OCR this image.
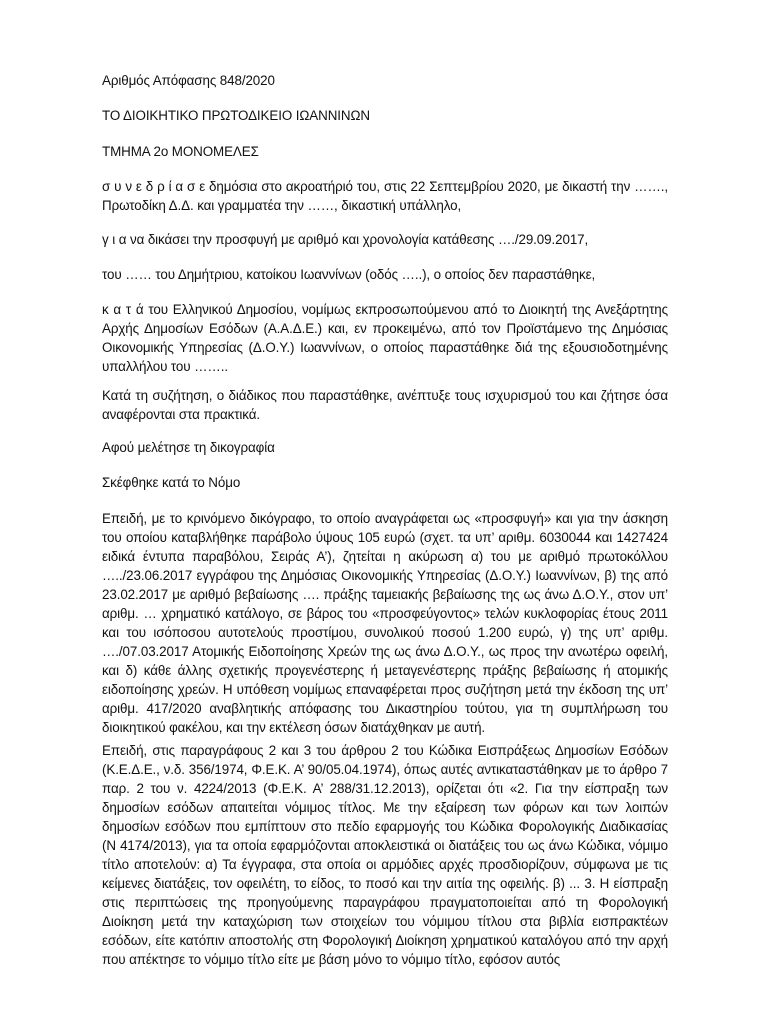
Αριθμός Απόφασης 848/2020

ΤΟ ΔΙΟΙΚΗΤΙΚΟ ΠΡΩΤΟΔΙΚΕΙΟ ΙΩΑΝΝΙΝΩΝ

ΤΜΗΜΑ 2ο ΜΟΝΟΜΕΛΕΣ

σ υ ν ε δ ρ ί α σ ε δημόσια στο ακροατήριό του, στις 22 Σεπτεμβρίου 2020, με δικαστή την ……., Πρωτοδίκη Δ.Δ. και γραμματέα την ……, δικαστική υπάλληλο,

γ ι α να δικάσει την προσφυγή με αριθμό και χρονολογία κατάθεσης …./29.09.2017,

του …… του Δημήτριου, κατοίκου Ιωαννίνων (οδός …..), ο οποίος δεν παραστάθηκε,

κ α τ ά του Ελληνικού Δημοσίου, νομίμως εκπροσωπούμενου από το Διοικητή της Ανεξάρτητης Αρχής Δημοσίων Εσόδων (Α.Α.Δ.Ε.) και, εν προκειμένω, από τον Προϊστάμενο της Δημόσιας Οικονομικής Υπηρεσίας (Δ.Ο.Υ.) Ιωαννίνων, ο οποίος παραστάθηκε διά της εξουσιοδοτημένης υπαλλήλου του ……..

Κατά τη συζήτηση, ο διάδικος που παραστάθηκε, ανέπτυξε τους ισχυρισμού του και ζήτησε όσα αναφέρονται στα πρακτικά.

Αφού μελέτησε τη δικογραφία

Σκέφθηκε κατά το Νόμο

Επειδή, με το κρινόμενο δικόγραφο, το οποίο αναγράφεται ως «προσφυγή» και για την άσκηση του οποίου καταβλήθηκε παράβολο ύψους 105 ευρώ (σχετ. τα υπ’ αριθμ. 6030044 και 1427424 ειδικά έντυπα παραβόλου, Σειράς Α’), ζητείται η ακύρωση α) του με αριθμό πρωτοκόλλου …../23.06.2017 εγγράφου της Δημόσιας Οικονομικής Υπηρεσίας (Δ.Ο.Υ.) Ιωαννίνων, β) της από 23.02.2017 με αριθμό βεβαίωσης …. πράξης ταμειακής βεβαίωσης της ως άνω Δ.Ο.Υ., στον υπ’ αριθμ. … χρηματικό κατάλογο, σε βάρος του «προσφεύγοντος» τελών κυκλοφορίας έτους 2011 και του ισόποσου αυτοτελούς προστίμου, συνολικού ποσού 1.200 ευρώ, γ) της υπ’ αριθμ. …./07.03.2017 Ατομικής Ειδοποίησης Χρεών της ως άνω Δ.Ο.Υ., ως προς την ανωτέρω οφειλή, και δ) κάθε άλλης σχετικής προγενέστερης ή μεταγενέστερης πράξης βεβαίωσης ή ατομικής ειδοποίησης χρεών. Η υπόθεση νομίμως επαναφέρεται προς συζήτηση μετά την έκδοση της υπ’ αριθμ. 417/2020 αναβλητικής απόφασης του Δικαστηρίου τούτου, για τη συμπλήρωση του διοικητικού φακέλου, και την εκτέλεση όσων διατάχθηκαν με αυτή.

Επειδή, στις παραγράφους 2 και 3 του άρθρου 2 του Κώδικα Εισπράξεως Δημοσίων Εσόδων (Κ.Ε.Δ.Ε., ν.δ. 356/1974, Φ.Ε.Κ. Α’ 90/05.04.1974), όπως αυτές αντικαταστάθηκαν με το άρθρο 7 παρ. 2 του ν. 4224/2013 (Φ.Ε.Κ. Α’ 288/31.12.2013), ορίζεται ότι «2. Για την είσπραξη των δημοσίων εσόδων απαιτείται νόμιμος τίτλος. Με την εξαίρεση των φόρων και των λοιπών δημοσίων εσόδων που εμπίπτουν στο πεδίο εφαρμογής του Κώδικα Φορολογικής Διαδικασίας (Ν 4174/2013), για τα οποία εφαρμόζονται αποκλειστικά οι διατάξεις του ως άνω Κώδικα, νόμιμο τίτλο αποτελούν: α) Τα έγγραφα, στα οποία οι αρμόδιες αρχές προσδιορίζουν, σύμφωνα με τις κείμενες διατάξεις, τον οφειλέτη, το είδος, το ποσό και την αιτία της οφειλής. β) ... 3. Η είσπραξη στις περιπτώσεις της προηγούμενης παραγράφου πραγματοποιείται από τη Φορολογική Διοίκηση μετά την καταχώριση των στοιχείων του νόμιμου τίτλου στα βιβλία εισπρακτέων εσόδων, είτε κατόπιν αποστολής στη Φορολογική Διοίκηση χρηματικού καταλόγου από την αρχή που απέκτησε το νόμιμο τίτλο είτε με βάση μόνο το νόμιμο τίτλο, εφόσον αυτός
